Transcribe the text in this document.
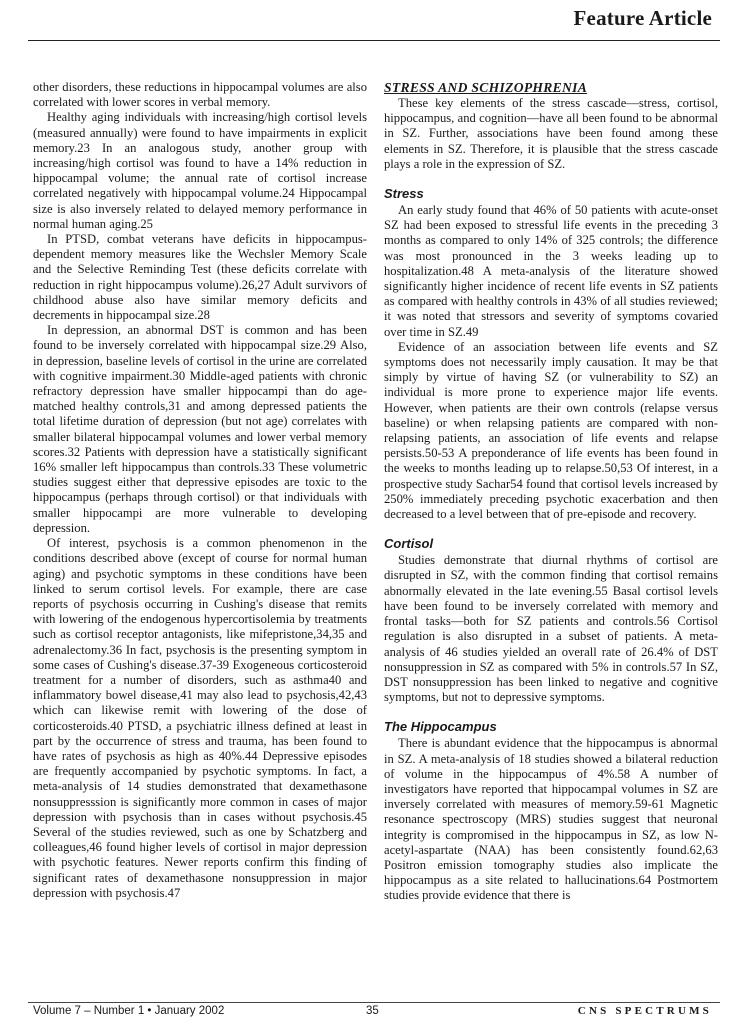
Feature Article

other disorders, these reductions in hippocampal volumes are also correlated with lower scores in verbal memory.

Healthy aging individuals with increasing/high cortisol levels (measured annually) were found to have impairments in explicit memory.23 In an analogous study, another group with increasing/high cortisol was found to have a 14% reduction in hippocampal volume; the annual rate of cortisol increase correlated negatively with hippocampal volume.24 Hippocampal size is also inversely related to delayed memory performance in normal human aging.25

In PTSD, combat veterans have deficits in hippocampus-dependent memory measures like the Wechsler Memory Scale and the Selective Reminding Test (these deficits correlate with reduction in right hippocampus volume).26,27 Adult survivors of childhood abuse also have similar memory deficits and decrements in hippocampal size.28

In depression, an abnormal DST is common and has been found to be inversely correlated with hippocampal size.29 Also, in depression, baseline levels of cortisol in the urine are correlated with cognitive impairment.30 Middle-aged patients with chronic refractory depression have smaller hippocampi than do age-matched healthy controls,31 and among depressed patients the total lifetime duration of depression (but not age) correlates with smaller bilateral hippocampal volumes and lower verbal memory scores.32 Patients with depression have a statistically significant 16% smaller left hippocampus than controls.33 These volumetric studies suggest either that depressive episodes are toxic to the hippocampus (perhaps through cortisol) or that individuals with smaller hippocampi are more vulnerable to developing depression.

Of interest, psychosis is a common phenomenon in the conditions described above (except of course for normal human aging) and psychotic symptoms in these conditions have been linked to serum cortisol levels. For example, there are case reports of psychosis occurring in Cushing's disease that remits with lowering of the endogenous hypercortisolemia by treatments such as cortisol receptor antagonists, like mifepristone,34,35 and adrenalectomy.36 In fact, psychosis is the presenting symptom in some cases of Cushing's disease.37-39 Exogeneous corticosteroid treatment for a number of disorders, such as asthma40 and inflammatory bowel disease,41 may also lead to psychosis,42,43 which can likewise remit with lowering of the dose of corticosteroids.40 PTSD, a psychiatric illness defined at least in part by the occurrence of stress and trauma, has been found to have rates of psychosis as high as 40%.44 Depressive episodes are frequently accompanied by psychotic symptoms. In fact, a meta-analysis of 14 studies demonstrated that dexamethasone nonsuppresssion is significantly more common in cases of major depression with psychosis than in cases without psychosis.45 Several of the studies reviewed, such as one by Schatzberg and colleagues,46 found higher levels of cortisol in major depression with psychotic features. Newer reports confirm this finding of significant rates of dexamethasone nonsuppression in major depression with psychosis.47

STRESS AND SCHIZOPHRENIA

These key elements of the stress cascade—stress, cortisol, hippocampus, and cognition—have all been found to be abnormal in SZ. Further, associations have been found among these elements in SZ. Therefore, it is plausible that the stress cascade plays a role in the expression of SZ.

Stress

An early study found that 46% of 50 patients with acute-onset SZ had been exposed to stressful life events in the preceding 3 months as compared to only 14% of 325 controls; the difference was most pronounced in the 3 weeks leading up to hospitalization.48 A meta-analysis of the literature showed significantly higher incidence of recent life events in SZ patients as compared with healthy controls in 43% of all studies reviewed; it was noted that stressors and severity of symptoms covaried over time in SZ.49

Evidence of an association between life events and SZ symptoms does not necessarily imply causation. It may be that simply by virtue of having SZ (or vulnerability to SZ) an individual is more prone to experience major life events. However, when patients are their own controls (relapse versus baseline) or when relapsing patients are compared with non-relapsing patients, an association of life events and relapse persists.50-53 A preponderance of life events has been found in the weeks to months leading up to relapse.50,53 Of interest, in a prospective study Sachar54 found that cortisol levels increased by 250% immediately preceding psychotic exacerbation and then decreased to a level between that of pre-episode and recovery.

Cortisol

Studies demonstrate that diurnal rhythms of cortisol are disrupted in SZ, with the common finding that cortisol remains abnormally elevated in the late evening.55 Basal cortisol levels have been found to be inversely correlated with memory and frontal tasks—both for SZ patients and controls.56 Cortisol regulation is also disrupted in a subset of patients. A meta-analysis of 46 studies yielded an overall rate of 26.4% of DST nonsuppression in SZ as compared with 5% in controls.57 In SZ, DST nonsuppression has been linked to negative and cognitive symptoms, but not to depressive symptoms.

The Hippocampus

There is abundant evidence that the hippocampus is abnormal in SZ. A meta-analysis of 18 studies showed a bilateral reduction of volume in the hippocampus of 4%.58 A number of investigators have reported that hippocampal volumes in SZ are inversely correlated with measures of memory.59-61 Magnetic resonance spectroscopy (MRS) studies suggest that neuronal integrity is compromised in the hippocampus in SZ, as low N-acetyl-aspartate (NAA) has been consistently found.62,63 Positron emission tomography studies also implicate the hippocampus as a site related to hallucinations.64 Postmortem studies provide evidence that there is

Volume 7 – Number 1 • January 2002	35	CNS SPECTRUMS
